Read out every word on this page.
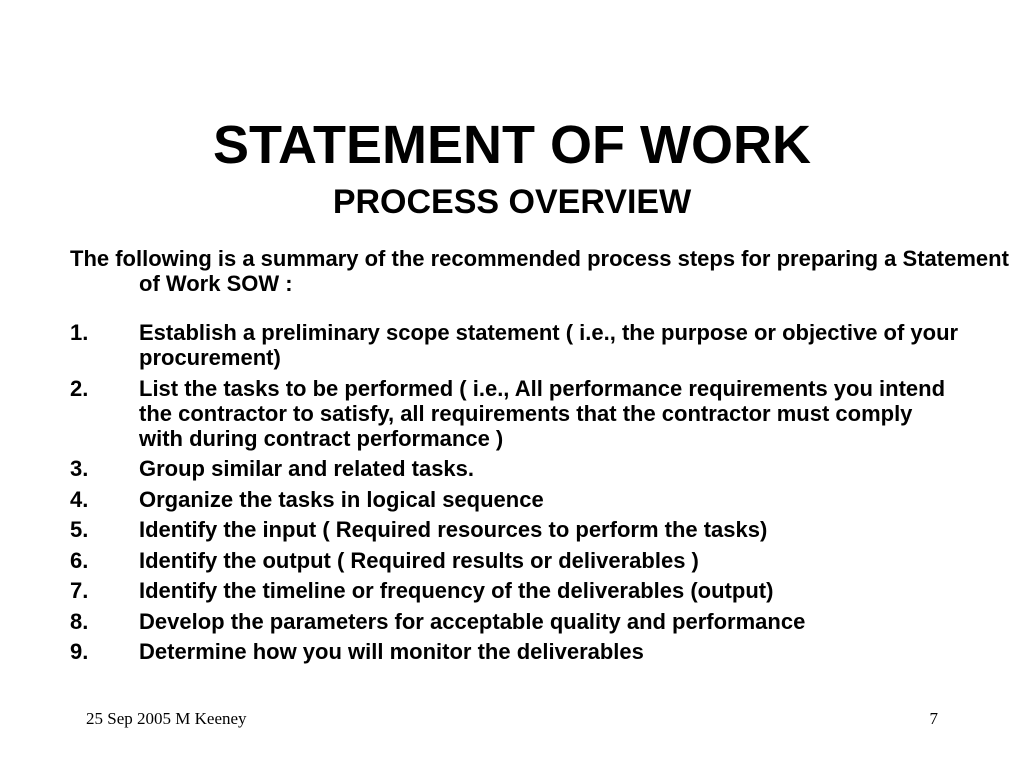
STATEMENT OF WORK
PROCESS OVERVIEW

The following is a summary of the recommended process steps for preparing a Statement of Work SOW :

1.	Establish a preliminary scope statement ( i.e., the purpose or objective of your procurement)
2.	List the tasks to be performed ( i.e., All performance requirements you intend the contractor to satisfy, all requirements that the contractor must comply with during contract performance )
3.	Group similar and related tasks.
4.	Organize the tasks in logical sequence
5.	Identify the input ( Required resources to perform the tasks)
6.	Identify the output ( Required results or deliverables )
7.	Identify the timeline or frequency of the deliverables (output)
8.	Develop the parameters for acceptable quality and performance
9.	Determine how you will monitor the deliverables
25 Sep 2005 M Keeney	7
